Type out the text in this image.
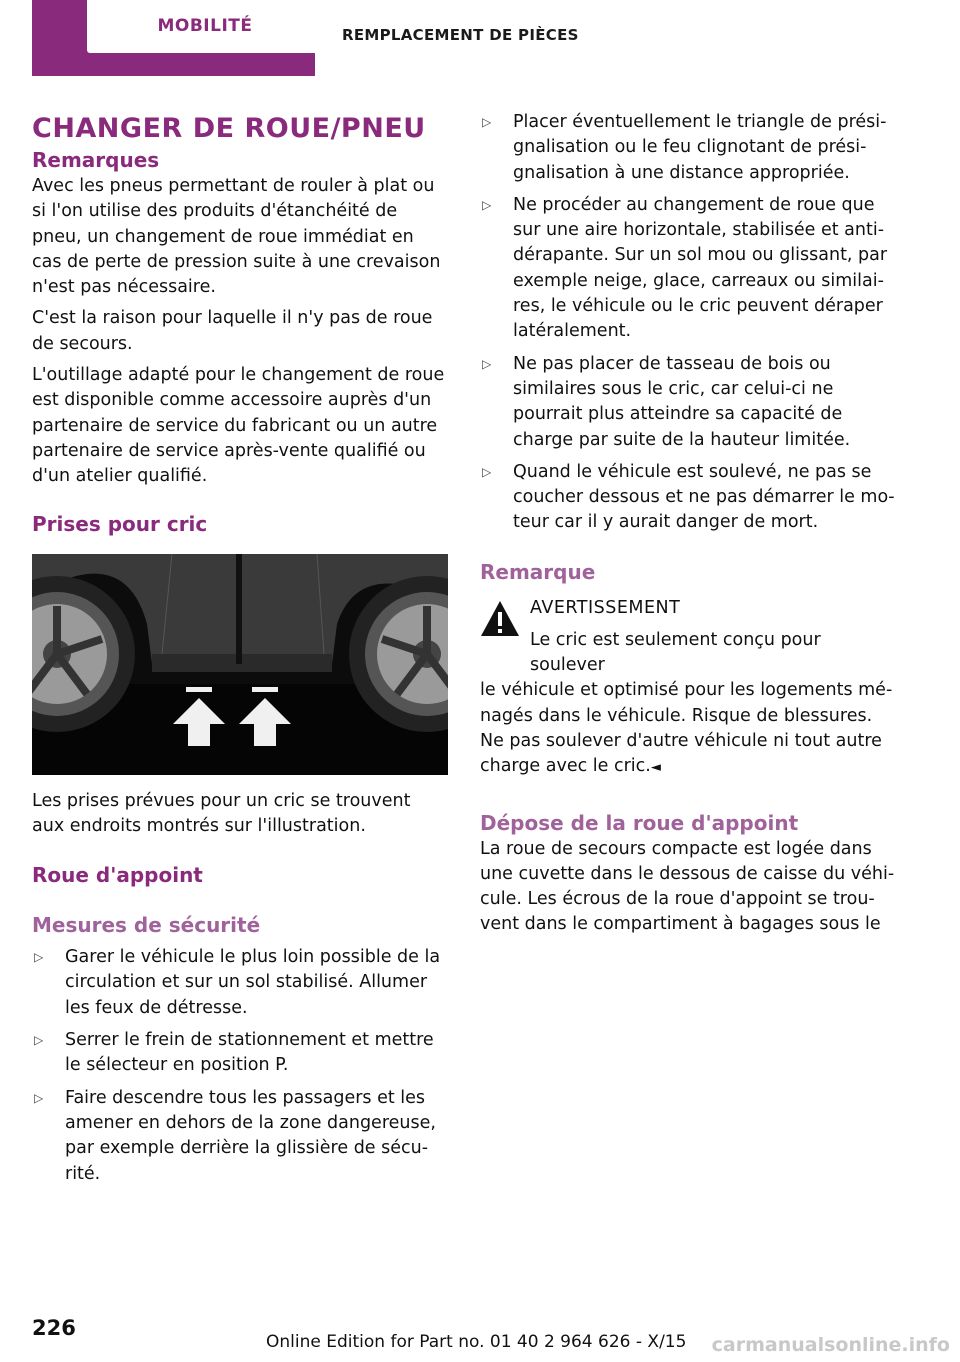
MOBILITÉ	REMPLACEMENT DE PIÈCES
CHANGER DE ROUE/PNEU
Remarques

Avec les pneus permettant de rouler à plat ou si l'on utilise des produits d'étanchéité de pneu, un changement de roue immédiat en cas de perte de pression suite à une crevaison n'est pas nécessaire.

C'est la raison pour laquelle il n'y pas de roue de secours.

L'outillage adapté pour le changement de roue est disponible comme accessoire auprès d'un partenaire de service du fabricant ou un autre partenaire de service après-vente qualifié ou d'un atelier qualifié.

Prises pour cric

Les prises prévues pour un cric se trouvent aux endroits montrés sur l'illustration.

Roue d'appoint
Mesures de sécurité
▷ Garer le véhicule le plus loin possible de la circulation et sur un sol stabilisé. Allumer les feux de détresse.
▷ Serrer le frein de stationnement et mettre le sélecteur en position P.
▷ Faire descendre tous les passagers et les amener en dehors de la zone dangereuse, par exemple derrière la glissière de sécurité.
▷ Placer éventuellement le triangle de présignalisation ou le feu clignotant de présignalisation à une distance appropriée.
▷ Ne procéder au changement de roue que sur une aire horizontale, stabilisée et antidérapante. Sur un sol mou ou glissant, par exemple neige, glace, carreaux ou similaires, le véhicule ou le cric peuvent déraper latéralement.
▷ Ne pas placer de tasseau de bois ou similaires sous le cric, car celui-ci ne pourrait plus atteindre sa capacité de charge par suite de la hauteur limitée.
▷ Quand le véhicule est soulevé, ne pas se coucher dessous et ne pas démarrer le moteur car il y aurait danger de mort.
Remarque
AVERTISSEMENT
Le cric est seulement conçu pour soulever
le véhicule et optimisé pour les logements ménagés dans le véhicule. Risque de blessures. Ne pas soulever d'autre véhicule ni tout autre charge avec le cric.◄
Dépose de la roue d'appoint

La roue de secours compacte est logée dans une cuvette dans le dessous de caisse du véhicule. Les écrous de la roue d'appoint se trouvent dans le compartiment à bagages sous le

226
Online Edition for Part no. 01 40 2 964 626 - X/15 carmanualsonline.info
